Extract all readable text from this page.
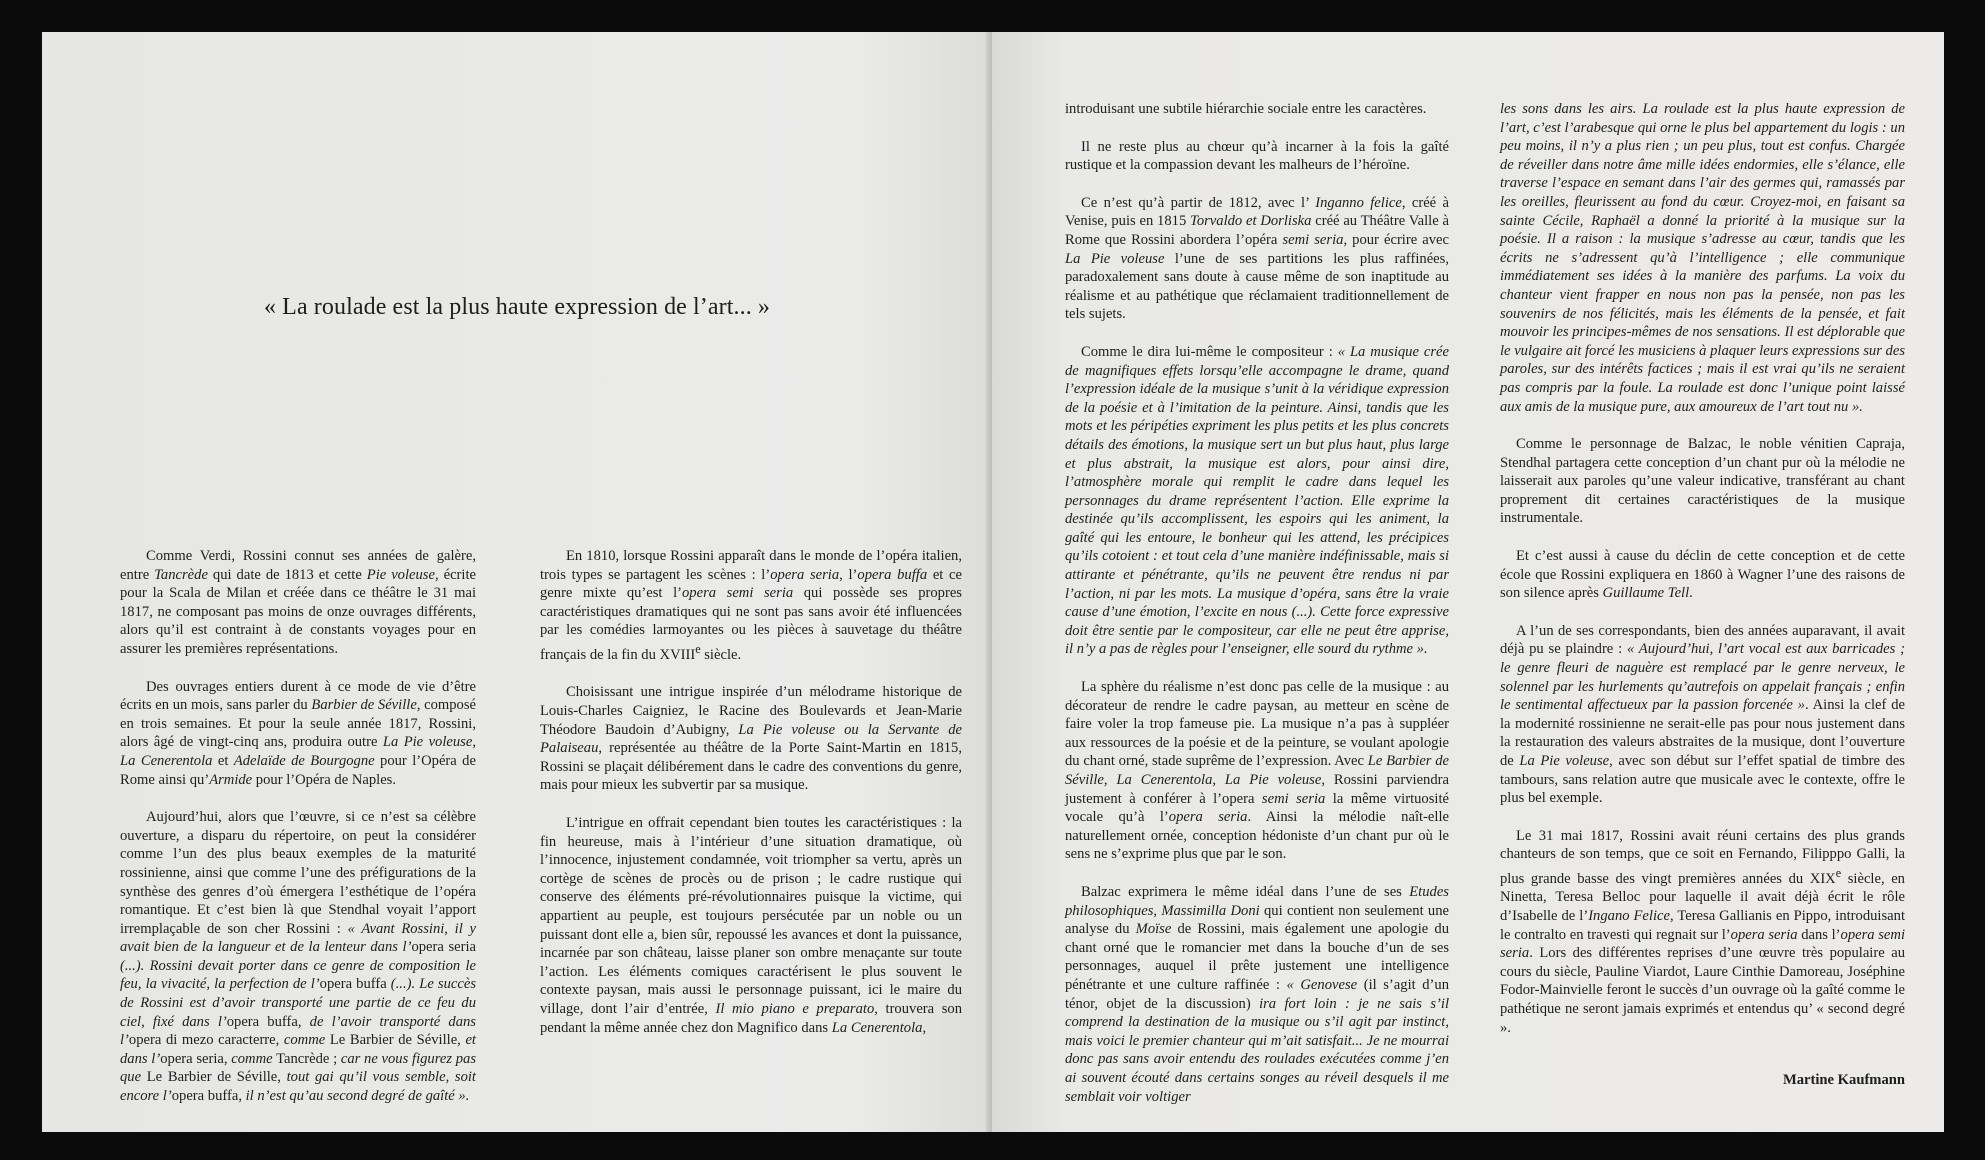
« La roulade est la plus haute expression de l’art... »

Comme Verdi, Rossini connut ses années de galère, entre Tancrède qui date de 1813 et cette Pie voleuse, écrite pour la Scala de Milan et créée dans ce théâtre le 31 mai 1817, ne composant pas moins de onze ouvrages différents, alors qu’il est contraint à de constants voyages pour en assurer les premières représentations.

Des ouvrages entiers durent à ce mode de vie d’être écrits en un mois, sans parler du Barbier de Séville, composé en trois semaines. Et pour la seule année 1817, Rossini, alors âgé de vingt-cinq ans, produira outre La Pie voleuse, La Cenerentola et Adelaïde de Bourgogne pour l’Opéra de Rome ainsi qu’Armide pour l’Opéra de Naples.

Aujourd’hui, alors que l’œuvre, si ce n’est sa célèbre ouverture, a disparu du répertoire, on peut la considérer comme l’un des plus beaux exemples de la maturité rossinienne, ainsi que comme l’une des préfigurations de la synthèse des genres d’où émergera l’esthétique de l’opéra romantique. Et c’est bien là que Stendhal voyait l’apport irremplaçable de son cher Rossini : « Avant Rossini, il y avait bien de la langueur et de la lenteur dans l’opera seria (...). Rossini devait porter dans ce genre de composition le feu, la vivacité, la perfection de l’opera buffa (...). Le succès de Rossini est d’avoir transporté une partie de ce feu du ciel, fixé dans l’opera buffa, de l’avoir transporté dans l’opera di mezo caracterre, comme Le Barbier de Séville, et dans l’opera seria, comme Tancrède ; car ne vous figurez pas que Le Barbier de Séville, tout gai qu’il vous semble, soit encore l’opera buffa, il n’est qu’au second degré de gaîté ».

En 1810, lorsque Rossini apparaît dans le monde de l’opéra italien, trois types se partagent les scènes : l’opera seria, l’opera buffa et ce genre mixte qu’est l’opera semi seria qui possède ses propres caractéristiques dramatiques qui ne sont pas sans avoir été influencées par les comédies larmoyantes ou les pièces à sauvetage du théâtre français de la fin du XVIIIe siècle.

Choisissant une intrigue inspirée d’un mélodrame historique de Louis-Charles Caigniez, le Racine des Boulevards et Jean-Marie Théodore Baudoin d’Aubigny, La Pie voleuse ou la Servante de Palaiseau, représentée au théâtre de la Porte Saint-Martin en 1815, Rossini se plaçait délibérement dans le cadre des conventions du genre, mais pour mieux les subvertir par sa musique.

L’intrigue en offrait cependant bien toutes les caractéristiques : la fin heureuse, mais à l’intérieur d’une situation dramatique, où l’innocence, injustement condamnée, voit triompher sa vertu, après un cortège de scènes de procès ou de prison ; le cadre rustique qui conserve des éléments pré-révolutionnaires puisque la victime, qui appartient au peuple, est toujours persécutée par un noble ou un puissant dont elle a, bien sûr, repoussé les avances et dont la puissance, incarnée par son château, laisse planer son ombre menaçante sur toute l’action. Les éléments comiques caractérisent le plus souvent le contexte paysan, mais aussi le personnage puissant, ici le maire du village, dont l’air d’entrée, Il mio piano e preparato, trouvera son pendant la même année chez don Magnifico dans La Cenerentola,

introduisant une subtile hiérarchie sociale entre les caractères.

Il ne reste plus au chœur qu’à incarner à la fois la gaîté rustique et la compassion devant les malheurs de l’héroïne.

Ce n’est qu’à partir de 1812, avec l’ Inganno felice, créé à Venise, puis en 1815 Torvaldo et Dorliska créé au Théâtre Valle à Rome que Rossini abordera l’opéra semi seria, pour écrire avec La Pie voleuse l’une de ses partitions les plus raffinées, paradoxalement sans doute à cause même de son inaptitude au réalisme et au pathétique que réclamaient traditionnellement de tels sujets.

Comme le dira lui-même le compositeur : « La musique crée de magnifiques effets lorsqu’elle accompagne le drame, quand l’expression idéale de la musique s’unit à la véridique expression de la poésie et à l’imitation de la peinture. Ainsi, tandis que les mots et les péripéties expriment les plus petits et les plus concrets détails des émotions, la musique sert un but plus haut, plus large et plus abstrait, la musique est alors, pour ainsi dire, l’atmosphère morale qui remplit le cadre dans lequel les personnages du drame représentent l’action. Elle exprime la destinée qu’ils accomplissent, les espoirs qui les animent, la gaîté qui les entoure, le bonheur qui les attend, les précipices qu’ils cotoient : et tout cela d’une manière indéfinissable, mais si attirante et pénétrante, qu’ils ne peuvent être rendus ni par l’action, ni par les mots. La musique d’opéra, sans être la vraie cause d’une émotion, l’excite en nous (...). Cette force expressive doit être sentie par le compositeur, car elle ne peut être apprise, il n’y a pas de règles pour l’enseigner, elle sourd du rythme ».

La sphère du réalisme n’est donc pas celle de la musique : au décorateur de rendre le cadre paysan, au metteur en scène de faire voler la trop fameuse pie. La musique n’a pas à suppléer aux ressources de la poésie et de la peinture, se voulant apologie du chant orné, stade suprême de l’expression. Avec Le Barbier de Séville, La Cenerentola, La Pie voleuse, Rossini parviendra justement à conférer à l’opera semi seria la même virtuosité vocale qu’à l’opera seria. Ainsi la mélodie naît-elle naturellement ornée, conception hédoniste d’un chant pur où le sens ne s’exprime plus que par le son.

Balzac exprimera le même idéal dans l’une de ses Etudes philosophiques, Massimilla Doni qui contient non seulement une analyse du Moïse de Rossini, mais également une apologie du chant orné que le romancier met dans la bouche d’un de ses personnages, auquel il prête justement une intelligence pénétrante et une culture raffinée : « Genovese (il s’agit d’un ténor, objet de la discussion) ira fort loin : je ne sais s’il comprend la destination de la musique ou s’il agit par instinct, mais voici le premier chanteur qui m’ait satisfait... Je ne mourrai donc pas sans avoir entendu des roulades exécutées comme j’en ai souvent écouté dans certains songes au réveil desquels il me semblait voir voltiger

les sons dans les airs. La roulade est la plus haute expression de l’art, c’est l’arabesque qui orne le plus bel appartement du logis : un peu moins, il n’y a plus rien ; un peu plus, tout est confus. Chargée de réveiller dans notre âme mille idées endormies, elle s’élance, elle traverse l’espace en semant dans l’air des germes qui, ramassés par les oreilles, fleurissent au fond du cœur. Croyez-moi, en faisant sa sainte Cécile, Raphaël a donné la priorité à la musique sur la poésie. Il a raison : la musique s’adresse au cœur, tandis que les écrits ne s’adressent qu’à l’intelligence ; elle communique immédiatement ses idées à la manière des parfums. La voix du chanteur vient frapper en nous non pas la pensée, non pas les souvenirs de nos félicités, mais les éléments de la pensée, et fait mouvoir les principes-mêmes de nos sensations. Il est déplorable que le vulgaire ait forcé les musiciens à plaquer leurs expressions sur des paroles, sur des intérêts factices ; mais il est vrai qu’ils ne seraient pas compris par la foule. La roulade est donc l’unique point laissé aux amis de la musique pure, aux amoureux de l’art tout nu ».

Comme le personnage de Balzac, le noble vénitien Capraja, Stendhal partagera cette conception d’un chant pur où la mélodie ne laisserait aux paroles qu’une valeur indicative, transférant au chant proprement dit certaines caractéristiques de la musique instrumentale.

Et c’est aussi à cause du déclin de cette conception et de cette école que Rossini expliquera en 1860 à Wagner l’une des raisons de son silence après Guillaume Tell.

A l’un de ses correspondants, bien des années auparavant, il avait déjà pu se plaindre : « Aujourd’hui, l’art vocal est aux barricades ; le genre fleuri de naguère est remplacé par le genre nerveux, le solennel par les hurlements qu’autrefois on appelait français ; enfin le sentimental affectueux par la passion forcenée ». Ainsi la clef de la modernité rossinienne ne serait-elle pas pour nous justement dans la restauration des valeurs abstraites de la musique, dont l’ouverture de La Pie voleuse, avec son début sur l’effet spatial de timbre des tambours, sans relation autre que musicale avec le contexte, offre le plus bel exemple.

Le 31 mai 1817, Rossini avait réuni certains des plus grands chanteurs de son temps, que ce soit en Fernando, Filipppo Galli, la plus grande basse des vingt premières années du XIXe siècle, en Ninetta, Teresa Belloc pour laquelle il avait déjà écrit le rôle d’Isabelle de l’Ingano Felice, Teresa Gallianis en Pippo, introduisant le contralto en travesti qui regnait sur l’opera seria dans l’opera semi seria. Lors des différentes reprises d’une œuvre très populaire au cours du siècle, Pauline Viardot, Laure Cinthie Damoreau, Joséphine Fodor-Mainvielle feront le succès d’un ouvrage où la gaîté comme le pathétique ne seront jamais exprimés et entendus qu’ « second degré ».

Martine Kaufmann
